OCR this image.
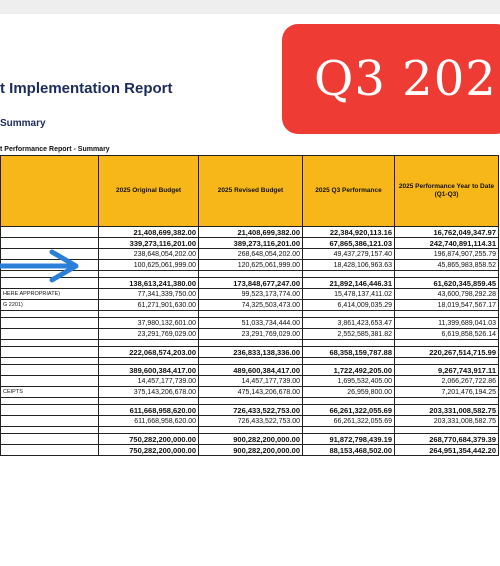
t Implementation Report
Summary
t Performance Report - Summary
Q3 202
	2025 Original Budget	2025 Revised Budget	2025 Q3 Performance	2025 Performance Year to Date (Q1-Q3)
	21,408,699,382.00	21,408,699,382.00	22,384,920,113.16	16,762,049,347.97
	339,273,116,201.00	389,273,116,201.00	67,865,386,121.03	242,740,891,114.31
	238,648,054,202.00	268,648,054,202.00	49,437,279,157.40	196,874,907,255.79
	100,625,061,999.00	120,625,061,999.00	18,428,106,963.63	45,865,983,858.52

	138,613,241,380.00	173,848,677,247.00	21,892,146,446.31	61,620,345,859.45
HERE APPROPRIATE)	77,341,339,750.00	99,523,173,774.00	15,478,137,411.02	43,600,798,292.28
G 2201)	61,271,901,630.00	74,325,503,473.00	6,414,009,035.29	18,019,547,567.17

	37,980,132,601.00	51,033,734,444.00	3,861,423,653.47	11,399,689,041.03
	23,291,769,029.00	23,291,769,029.00	2,552,585,381.82	6,619,858,526.14

	222,068,574,203.00	236,833,138,336.00	68,358,159,787.88	220,267,514,715.99

	389,600,384,417.00	489,600,384,417.00	1,722,492,205.00	9,267,743,917.11
	14,457,177,739.00	14,457,177,739.00	1,695,532,405.00	2,066,267,722.86
CEIPTS	375,143,206,678.00	475,143,206,678.00	26,959,800.00	7,201,476,194.25

	611,668,958,620.00	726,433,522,753.00	66,261,322,055.69	203,331,008,582.75
	611,668,958,620.00	726,433,522,753.00	66,261,322,055.69	203,331,008,582.75

	750,282,200,000.00	900,282,200,000.00	91,872,798,439.19	268,770,684,379.39
	750,282,200,000.00	900,282,200,000.00	88,153,468,502.00	264,951,354,442.20
